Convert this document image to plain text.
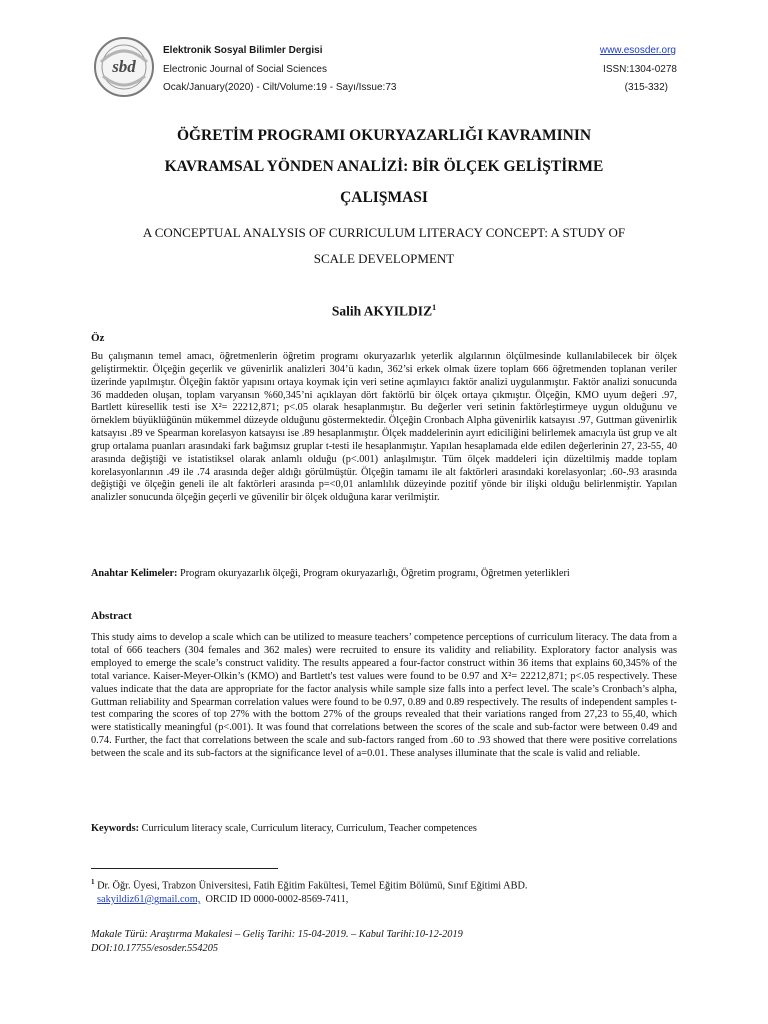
sbd
Elektronik Sosyal Bilimler Dergisi
Electronic Journal of Social Sciences
Ocak/January(2020) - Cilt/Volume:19 - Sayı/Issue:73
www.esosder.org
ISSN:1304-0278
(315-332)
ÖĞRETİM PROGRAMI OKURYAZARLIĞI KAVRAMININ
KAVRAMSAL YÖNDEN ANALİZİ: BİR ÖLÇEK GELİŞTİRME
ÇALIŞMASI
A CONCEPTUAL ANALYSIS OF CURRICULUM LITERACY CONCEPT: A STUDY OF
SCALE DEVELOPMENT
Salih AKYILDIZ$^1$
Öz
Bu çalışmanın temel amacı, öğretmenlerin öğretim programı okuryazarlık yeterlik algılarının ölçülmesinde kullanılabilecek bir ölçek geliştirmektir. Ölçeğin geçerlik ve güvenirlik analizleri 304’ü kadın, 362’si erkek olmak üzere toplam 666 öğretmenden toplanan veriler üzerinde yapılmıştır. Ölçeğin faktör yapısını ortaya koymak için veri setine açımlayıcı faktör analizi uygulanmıştır. Faktör analizi sonucunda 36 maddeden oluşan, toplam varyansın %60,345’ni açıklayan dört faktörlü bir ölçek ortaya çıkmıştır. Ölçeğin, KMO uyum değeri .97, Bartlett küresellik testi ise X²= 22212,871; p<.05 olarak hesaplanmıştır. Bu değerler veri setinin faktörleştirmeye uygun olduğunu ve örneklem büyüklüğünün mükemmel düzeyde olduğunu göstermektedir. Ölçeğin Cronbach Alpha güvenirlik katsayısı .97, Guttman güvenirlik katsayısı .89 ve Spearman korelasyon katsayısı ise .89 hesaplanmıştır. Ölçek maddelerinin ayırt ediciliğini belirlemek amacıyla üst grup ve alt grup ortalama puanları arasındaki fark bağımsız gruplar t-testi ile hesaplanmıştır. Yapılan hesaplamada elde edilen değerlerinin 27, 23-55, 40 arasında değiştiği ve istatistiksel olarak anlamlı olduğu (p<.001) anlaşılmıştır. Tüm ölçek maddeleri için düzeltilmiş madde toplam korelasyonlarının .49 ile .74 arasında değer aldığı görülmüştür. Ölçeğin tamamı ile alt faktörleri arasındaki korelasyonlar; .60-.93 arasında değiştiği ve ölçeğin geneli ile alt faktörleri arasında p=<0,01 anlamlılık düzeyinde pozitif yönde bir ilişki olduğu belirlenmiştir. Yapılan analizler sonucunda ölçeğin geçerli ve güvenilir bir ölçek olduğuna karar verilmiştir.
Anahtar Kelimeler: Program okuryazarlık ölçeği, Program okuryazarlığı, Öğretim programı, Öğretmen yeterlikleri
Abstract
This study aims to develop a scale which can be utilized to measure teachers’ competence perceptions of curriculum literacy. The data from a total of 666 teachers (304 females and 362 males) were recruited to ensure its validity and reliability. Exploratory factor analysis was employed to emerge the scale’s construct validity. The results appeared a four-factor construct within 36 items that explains 60,345% of the total variance. Kaiser-Meyer-Olkin’s (KMO) and Bartlett's test values were found to be 0.97 and X²= 22212,871; p<.05 respectively. These values indicate that the data are appropriate for the factor analysis while sample size falls into a perfect level. The scale’s Cronbach’s alpha, Guttman reliability and Spearman correlation values were found to be 0.97, 0.89 and 0.89 respectively. The results of independent samples t-test comparing the scores of top 27% with the bottom 27% of the groups revealed that their variations ranged from 27,23 to 55,40, which were statistically meaningful (p<.001). It was found that correlations between the scores of the scale and sub-factor were between 0.49 and 0.74. Further, the fact that correlations between the scale and sub-factors ranged from .60 to .93 showed that there were positive correlations between the scale and its sub-factors at the significance level of a=0.01. These analyses illuminate that the scale is valid and reliable.
Keywords: Curriculum literacy scale, Curriculum literacy, Curriculum, Teacher competences
$^1$ Dr. Öğr. Üyesi, Trabzon Üniversitesi, Fatih Eğitim Fakültesi, Temel Eğitim Bölümü, Sınıf Eğitimi ABD.
sakyildiz61@gmail.com, ORCID ID 0000-0002-8569-7411,
Makale Türü: Araştırma Makalesi – Geliş Tarihi: 15-04-2019. – Kabul Tarihi:10-12-2019
DOI:10.17755/esosder.554205
